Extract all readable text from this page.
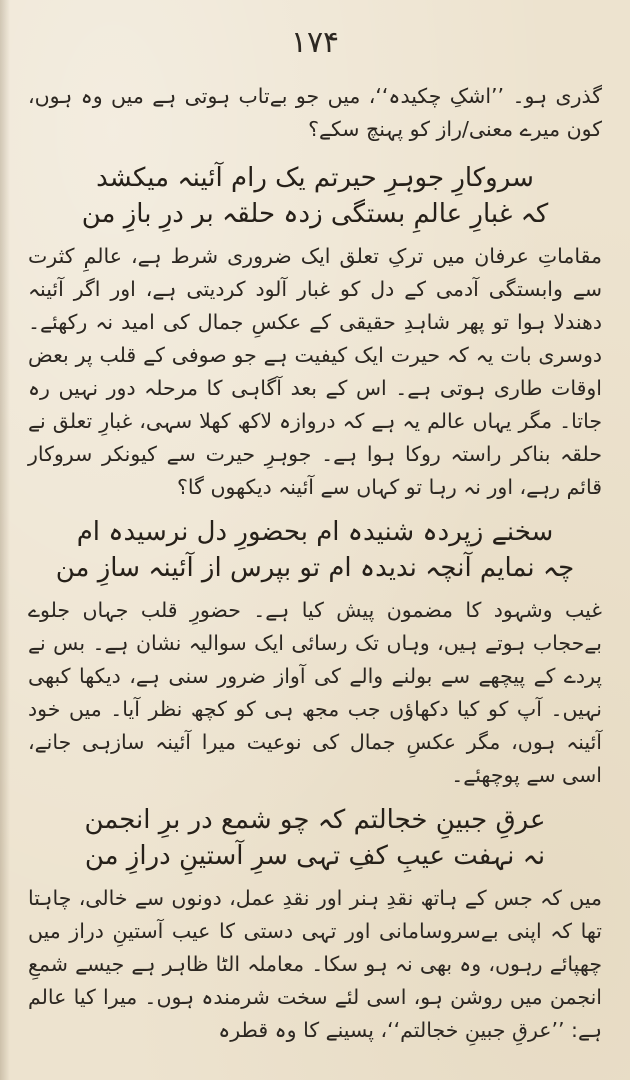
۱۷۴

گذری ہو۔ ’’اشکِ چکیدہ‘‘، میں جو بےتاب ہوتی ہے میں وہ ہوں، کون میرے معنی/راز کو پہنچ سکے؟

سروکارِ جوہرِ حیرتم یک رام آئینہ میکشد

کہ غبارِ عالمِ بستگی زدہ حلقہ بر درِ بازِ من

مقاماتِ عرفان میں ترکِ تعلق ایک ضروری شرط ہے، عالمِ کثرت سے وابستگی آدمی کے دل کو غبار آلود کردیتی ہے، اور اگر آئینہ دھندلا ہوا تو پھر شاہدِ حقیقی کے عکسِ جمال کی امید نہ رکھئے۔ دوسری بات یہ کہ حیرت ایک کیفیت ہے جو صوفی کے قلب پر بعض اوقات طاری ہوتی ہے۔ اس کے بعد آگاہی کا مرحلہ دور نہیں رہ جاتا۔ مگر یہاں عالم یہ ہے کہ دروازہ لاکھ کھلا سہی، غبارِ تعلق نے حلقہ بناکر راستہ روکا ہوا ہے۔ جوہرِ حیرت سے کیونکر سروکار قائم رہے، اور نہ رہا تو کہاں سے آئینہ دیکھوں گا؟

سخنے زپردہ شنیدہ ام بحضورِ دل نرسیدہ ام

چہ نمایم آنچہ ندیدہ ام تو بپرس از آئینہ سازِ من

غیب وشہود کا مضمون پیش کیا ہے۔ حضورِ قلب جہاں جلوے بےحجاب ہوتے ہیں، وہاں تک رسائی ایک سوالیہ نشان ہے۔ بس نے پردے کے پیچھے سے بولنے والے کی آواز ضرور سنی ہے، دیکھا کبھی نہیں۔ آپ کو کیا دکھاؤں جب مجھ ہی کو کچھ نظر آیا۔ میں خود آئینہ ہوں، مگر عکسِ جمال کی نوعیت میرا آئینہ سازہی جانے، اسی سے پوچھئے۔

عرقِ جبینِ خجالتم کہ چو شمع در برِ انجمن

نہ نہفت عیبِ کفِ تہی سرِ آستینِ درازِ من

میں کہ جس کے ہاتھ نقدِ ہنر اور نقدِ عمل، دونوں سے خالی، چاہتا تھا کہ اپنی بےسروسامانی اور تہی دستی کا عیب آستینِ دراز میں چھپائے رہوں، وہ بھی نہ ہو سکا۔ معاملہ الٹا ظاہر ہے جیسے شمعِ انجمن میں روشن ہو، اسی لئے سخت شرمندہ ہوں۔ میرا کیا عالم ہے: ’’عرقِ جبینِ خجالتم‘‘، پسینے کا وہ قطرہ
